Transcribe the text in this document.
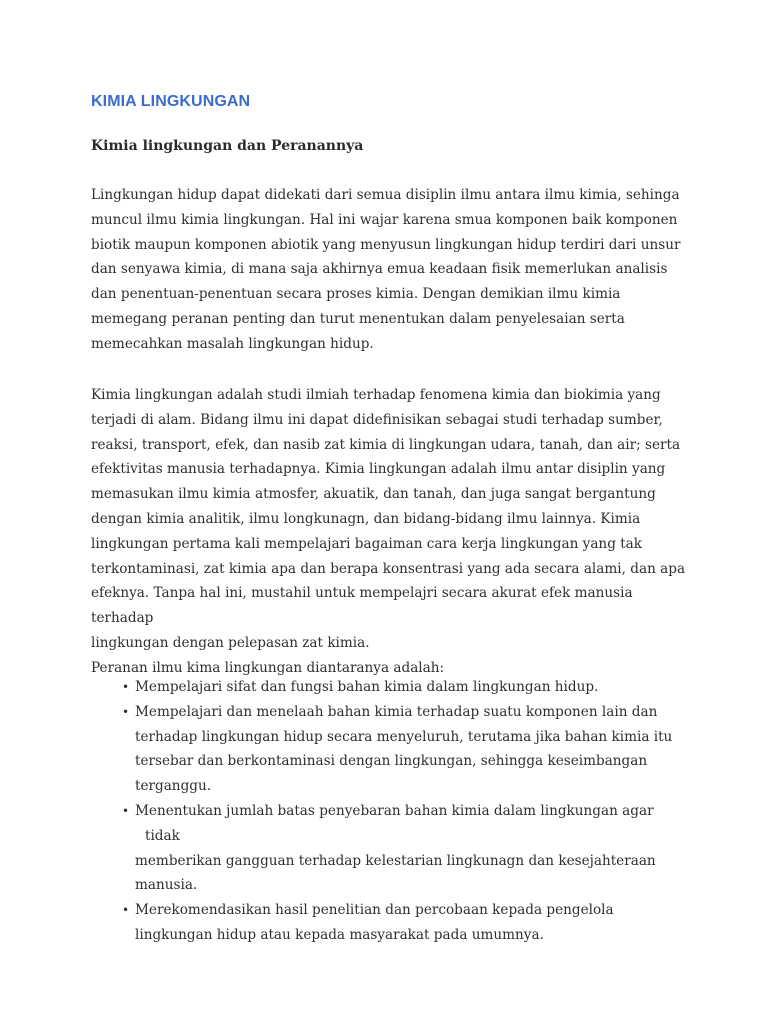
KIMIA LINGKUNGAN
Kimia lingkungan dan Peranannya
Lingkungan hidup dapat didekati dari semua disiplin ilmu antara ilmu kimia, sehinga
muncul ilmu kimia lingkungan. Hal ini wajar karena smua komponen baik komponen
biotik maupun komponen abiotik yang menyusun lingkungan hidup terdiri dari unsur
dan senyawa kimia, di mana saja akhirnya emua keadaan fisik memerlukan analisis
dan penentuan-penentuan secara proses kimia. Dengan demikian ilmu kimia
memegang peranan penting dan turut menentukan dalam penyelesaian serta
memecahkan masalah lingkungan hidup.
Kimia lingkungan adalah studi ilmiah terhadap fenomena kimia dan biokimia yang
terjadi di alam. Bidang ilmu ini dapat didefinisikan sebagai studi terhadap sumber,
reaksi, transport, efek, dan nasib zat kimia di lingkungan udara, tanah, dan air; serta
efektivitas manusia terhadapnya. Kimia lingkungan adalah ilmu antar disiplin yang
memasukan ilmu kimia atmosfer, akuatik, dan tanah, dan juga sangat bergantung
dengan kimia analitik, ilmu longkunagn, dan bidang-bidang ilmu lainnya. Kimia
lingkungan pertama kali mempelajari bagaiman cara kerja lingkungan yang tak
terkontaminasi, zat kimia apa dan berapa konsentrasi yang ada secara alami, dan apa
efeknya. Tanpa hal ini, mustahil untuk mempelajri secara akurat efek manusia terhadap
lingkungan dengan pelepasan zat kimia.
Peranan ilmu kima lingkungan diantaranya adalah:
• Mempelajari sifat dan fungsi bahan kimia dalam lingkungan hidup.
• Mempelajari dan menelaah bahan kimia terhadap suatu komponen lain dan
terhadap lingkungan hidup secara menyeluruh, terutama jika bahan kimia itu
tersebar dan berkontaminasi dengan lingkungan, sehingga keseimbangan
terganggu.
• Menentukan jumlah batas penyebaran bahan kimia dalam lingkungan agar tidak
memberikan gangguan terhadap kelestarian lingkunagn dan kesejahteraan
manusia.
• Merekomendasikan hasil penelitian dan percobaan kepada pengelola
lingkungan hidup atau kepada masyarakat pada umumnya.
